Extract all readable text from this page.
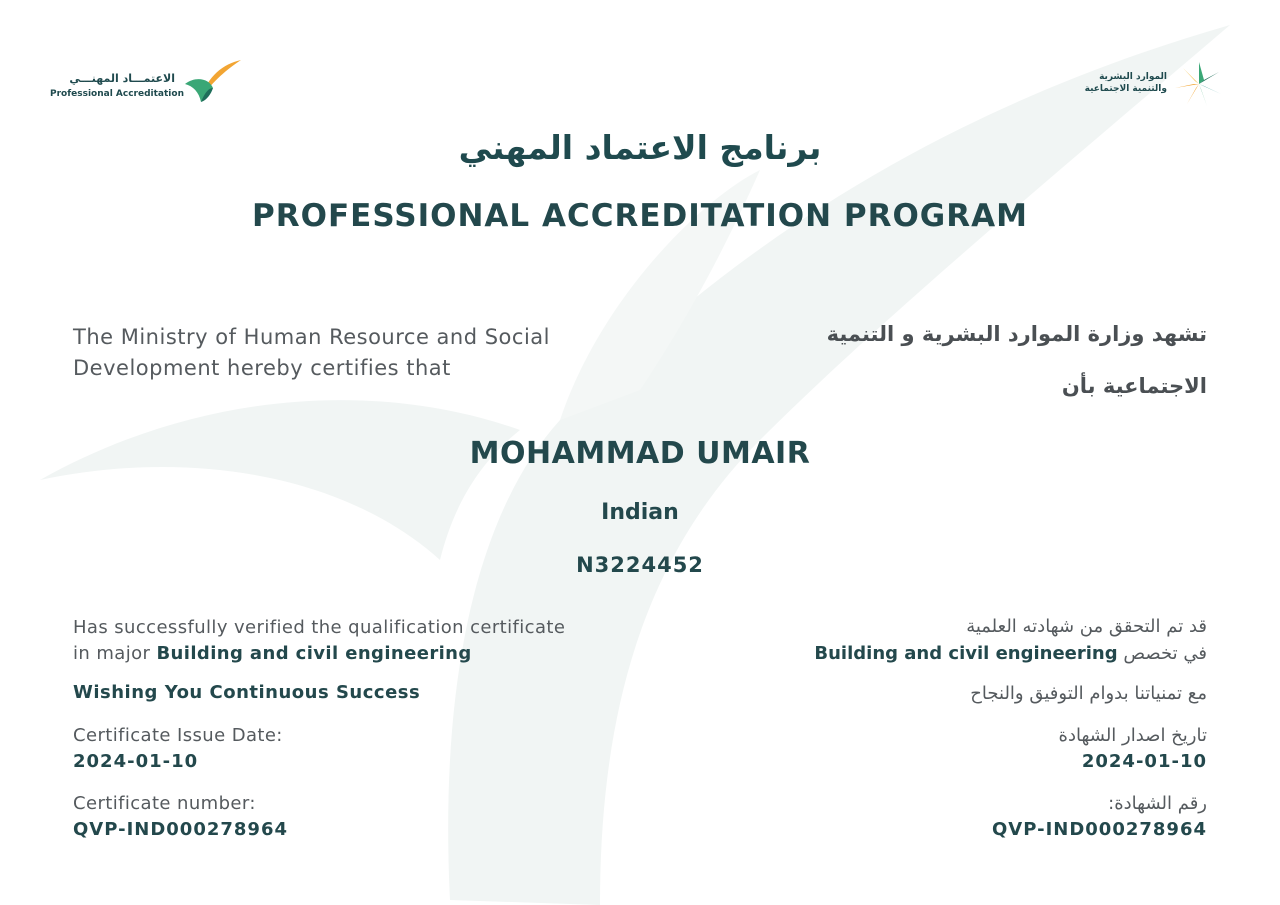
الاعتمـــاد المهنـــي
Professional Accreditation
الموارد البشرية
والتنمية الاجتماعية
برنامج الاعتماد المهني
PROFESSIONAL ACCREDITATION PROGRAM
The Ministry of Human Resource and Social
Development hereby certifies that
تشهد وزارة الموارد البشرية و التنمية
الاجتماعية بأن
MOHAMMAD UMAIR
Indian
N3224452
Has successfully verified the qualification certificate
in major Building and civil engineering
قد تم التحقق من شهادته العلمية
في تخصص Building and civil engineering
Wishing You Continuous Success	مع تمنياتنا بدوام التوفيق والنجاح
Certificate Issue Date:
2024-01-10
تاريخ اصدار الشهادة
2024-01-10
Certificate number:
QVP-IND000278964
رقم الشهادة:
QVP-IND000278964
